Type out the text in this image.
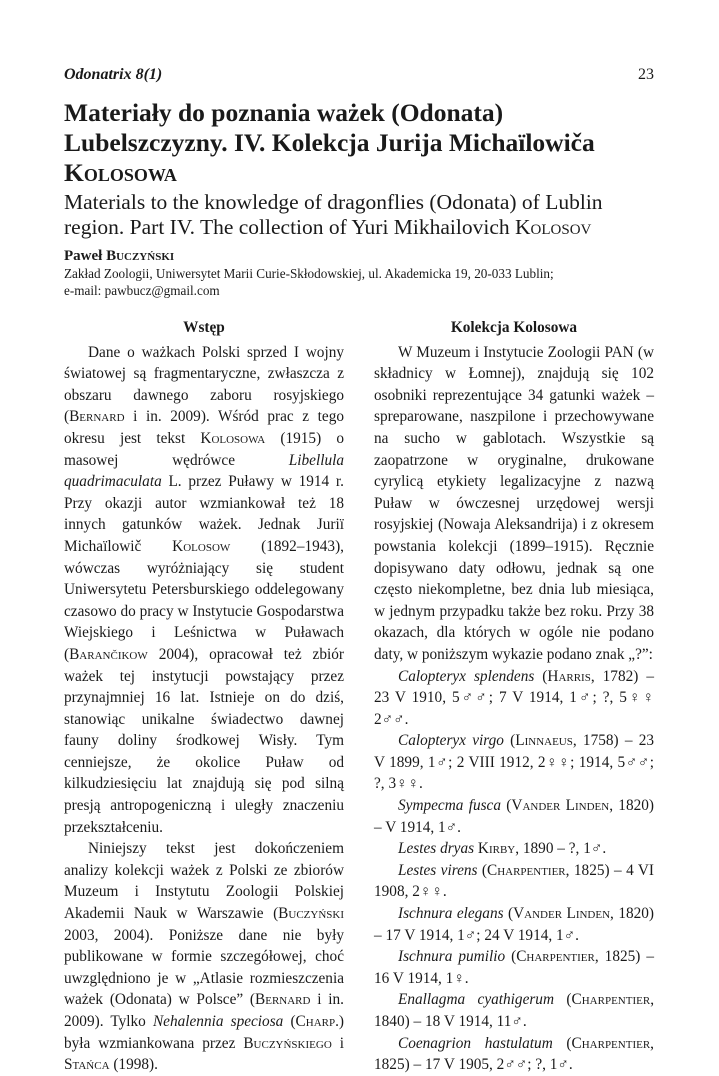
Odonatrix 8(1)	23
Materiały do poznania ważek (Odonata) Lubelszczyzny. IV. Kolekcja Jurija Michaïlowiča Kolosowa
Materials to the knowledge of dragonflies (Odonata) of Lublin region. Part IV. The collection of Yuri Mikhailovich Kolosov
Paweł Buczyński
Zakład Zoologii, Uniwersytet Marii Curie-Skłodowskiej, ul. Akademicka 19, 20-033 Lublin;
e-mail: pawbucz@gmail.com
Wstęp

Dane o ważkach Polski sprzed I wojny światowej są fragmentaryczne, zwłaszcza z obszaru dawnego zaboru rosyjskiego (Bernard i in. 2009). Wśród prac z tego okresu jest tekst Kolosowa (1915) o masowej wędrówce Libellula quadrimaculata L. przez Puławy w 1914 r. Przy okazji autor wzmiankował też 18 innych gatunków ważek. Jednak Juriï Michaïlowič Kolosow (1892–1943), wówczas wyróżniający się student Uniwersytetu Petersburskiego oddelegowany czasowo do pracy w Instytucie Gospodarstwa Wiejskiego i Leśnictwa w Puławach (Barančikow 2004), opracował też zbiór ważek tej instytucji powstający przez przynajmniej 16 lat. Istnieje on do dziś, stanowiąc unikalne świadectwo dawnej fauny doliny środkowej Wisły. Tym cenniejsze, że okolice Puław od kilkudziesięciu lat znajdują się pod silną presją antropogeniczną i uległy znaczeniu przekształceniu.

Niniejszy tekst jest dokończeniem analizy kolekcji ważek z Polski ze zbiorów Muzeum i Instytutu Zoologii Polskiej Akademii Nauk w Warszawie (Buczyński 2003, 2004). Poniższe dane nie były publikowane w formie szczegółowej, choć uwzględniono je w „Atlasie rozmieszczenia ważek (Odonata) w Polsce” (Bernard i in. 2009). Tylko Nehalennia speciosa (Charp.) była wzmiankowana przez Buczyńskiego i Stańca (1998).

Kolekcja Kolosowa

W Muzeum i Instytucie Zoologii PAN (w składnicy w Łomnej), znajdują się 102 osobniki reprezentujące 34 gatunki ważek – spreparowane, naszpilone i przechowywane na sucho w gablotach. Wszystkie są zaopatrzone w oryginalne, drukowane cyrylicą etykiety legalizacyjne z nazwą Puław w ówczesnej urzędowej wersji rosyjskiej (Nowaja Aleksandrija) i z okresem powstania kolekcji (1899–1915). Ręcznie dopisywano daty odłowu, jednak są one często niekompletne, bez dnia lub miesiąca, w jednym przypadku także bez roku. Przy 38 okazach, dla których w ogóle nie podano daty, w poniższym wykazie podano znak „?”:

Calopteryx splendens (Harris, 1782) – 23 V 1910, 5♂♂; 7 V 1914, 1♂; ?, 5♀♀ 2♂♂.

Calopteryx virgo (Linnaeus, 1758) – 23 V 1899, 1♂; 2 VIII 1912, 2♀♀; 1914, 5♂♂; ?, 3♀♀.

Sympecma fusca (Vander Linden, 1820) – V 1914, 1♂.

Lestes dryas Kirby, 1890 – ?, 1♂.

Lestes virens (Charpentier, 1825) – 4 VI 1908, 2♀♀.

Ischnura elegans (Vander Linden, 1820) – 17 V 1914, 1♂; 24 V 1914, 1♂.

Ischnura pumilio (Charpentier, 1825) – 16 V 1914, 1♀.

Enallagma cyathigerum (Charpentier, 1840) – 18 V 1914, 11♂.

Coenagrion hastulatum (Charpentier, 1825) – 17 V 1905, 2♂♂; ?, 1♂.
